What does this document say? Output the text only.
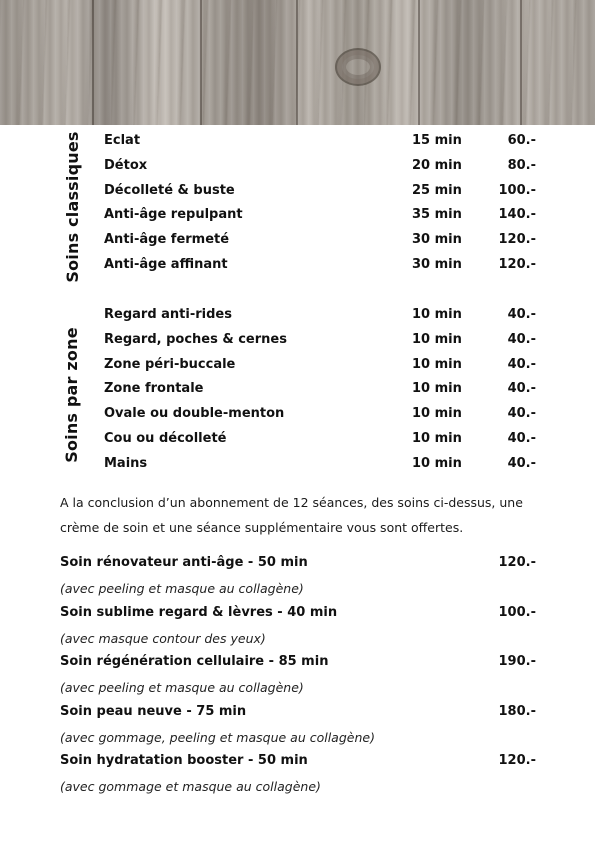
Soins classiques Eclat	15 min	60.-
Détox	20 min	80.-
Décolleté & buste	25 min	100.-
Anti-âge repulpant	35 min	140.-
Anti-âge fermeté	30 min	120.-
Anti-âge affinant	30 min	120.-
Soins par zone
Regard anti-rides	10 min	40.-
Regard, poches & cernes	10 min	40.-
Zone péri-buccale	10 min	40.-
Zone frontale	10 min	40.-
Ovale ou double-menton	10 min	40.-
Cou ou décolleté	10 min	40.-
Mains	10 min	40.-
A la conclusion d’un abonnement de 12 séances, des soins ci-dessus, une
crème de soin et une séance supplémentaire vous sont offertes.
Soin rénovateur anti-âge - 50 min	120.-
(avec peeling et masque au collagène)
Soin sublime regard & lèvres - 40 min	100.-
(avec masque contour des yeux)
Soin régénération cellulaire - 85 min	190.-
(avec peeling et masque au collagène)
Soin peau neuve - 75 min	180.-
(avec gommage, peeling et masque au collagène)
Soin hydratation booster - 50 min	120.-
(avec gommage et masque au collagène)
